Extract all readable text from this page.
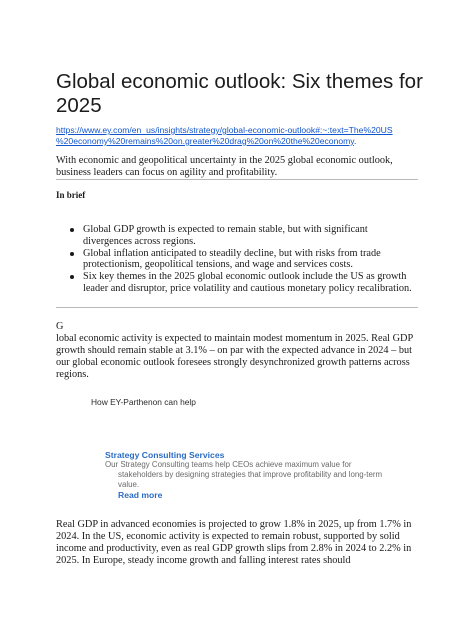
Global economic outlook: Six themes for 2025
https://www.ey.com/en_us/insights/strategy/global-economic-outlook#:~:text=The%20US
%20economy%20remains%20on.greater%20drag%20on%20the%20economy.
With economic and geopolitical uncertainty in the 2025 global economic outlook, business leaders can focus on agility and profitability.
In brief
Global GDP growth is expected to remain stable, but with significant divergences across regions.
Global inflation anticipated to steadily decline, but with risks from trade protectionism, geopolitical tensions, and wage and services costs.
Six key themes in the 2025 global economic outlook include the US as growth leader and disruptor, price volatility and cautious monetary policy recalibration.
G
lobal economic activity is expected to maintain modest momentum in 2025. Real GDP growth should remain stable at 3.1% – on par with the expected advance in 2024 – but our global economic outlook foresees strongly desynchronized growth patterns across regions.
How EY-Parthenon can help
Strategy Consulting Services
Our Strategy Consulting teams help CEOs achieve maximum value for
stakeholders by designing strategies that improve profitability and long-term
value.
Read more
Real GDP in advanced economies is projected to grow 1.8% in 2025, up from 1.7% in 2024. In the US, economic activity is expected to remain robust, supported by solid income and productivity, even as real GDP growth slips from 2.8% in 2024 to 2.2% in 2025. In Europe, steady income growth and falling interest rates should
